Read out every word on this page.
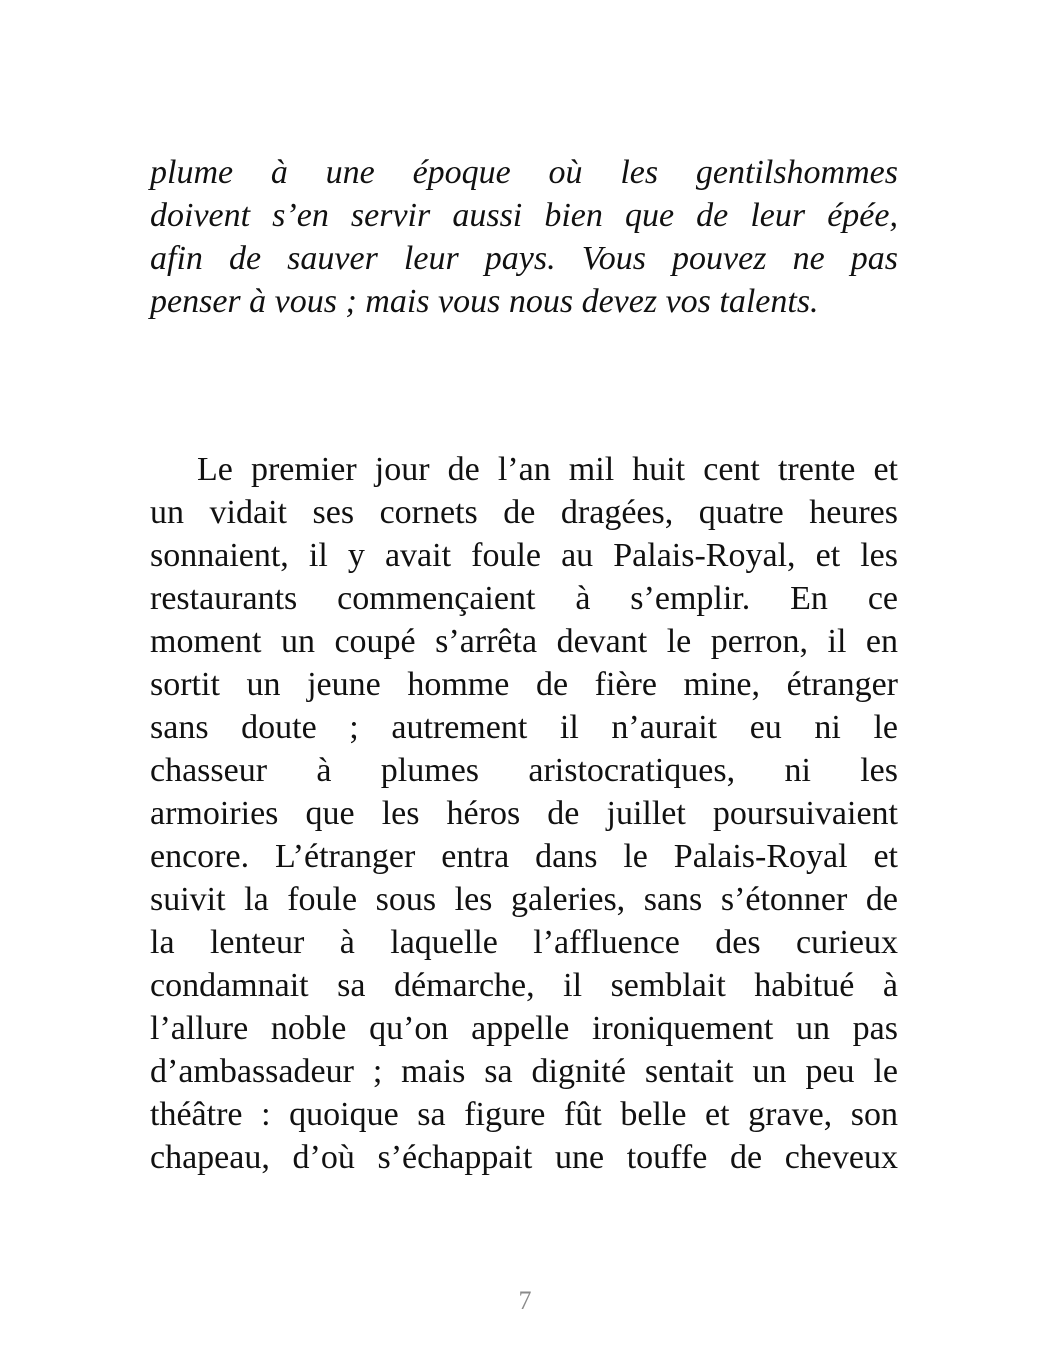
plume à une époque où les gentilshommes
doivent s’en servir aussi bien que de leur épée,
afin de sauver leur pays. Vous pouvez ne pas
penser à vous ; mais vous nous devez vos talents.
Le premier jour de l’an mil huit cent trente et
un vidait ses cornets de dragées, quatre heures
sonnaient, il y avait foule au Palais-Royal, et les
restaurants commençaient à s’emplir. En ce
moment un coupé s’arrêta devant le perron, il en
sortit un jeune homme de fière mine, étranger
sans doute ; autrement il n’aurait eu ni le
chasseur à plumes aristocratiques, ni les
armoiries que les héros de juillet poursuivaient
encore. L’étranger entra dans le Palais-Royal et
suivit la foule sous les galeries, sans s’étonner de
la lenteur à laquelle l’affluence des curieux
condamnait sa démarche, il semblait habitué à
l’allure noble qu’on appelle ironiquement un pas
d’ambassadeur ; mais sa dignité sentait un peu le
théâtre : quoique sa figure fût belle et grave, son
chapeau, d’où s’échappait une touffe de cheveux
7
